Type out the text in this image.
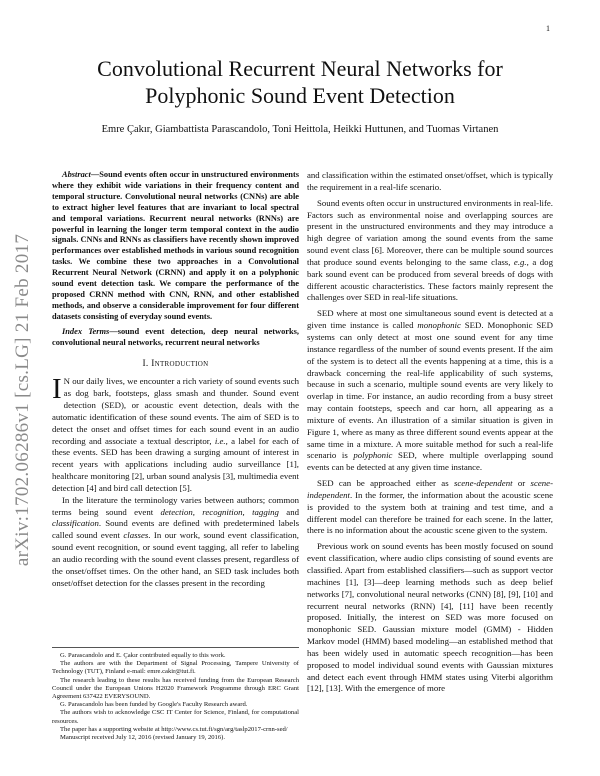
1
arXiv:1702.06286v1 [cs.LG] 21 Feb 2017
Convolutional Recurrent Neural Networks for
Polyphonic Sound Event Detection
Emre Çakır, Giambattista Parascandolo, Toni Heittola, Heikki Huttunen, and Tuomas Virtanen

Abstract—Sound events often occur in unstructured environments where they exhibit wide variations in their frequency content and temporal structure. Convolutional neural networks (CNNs) are able to extract higher level features that are invariant to local spectral and temporal variations. Recurrent neural networks (RNNs) are powerful in learning the longer term temporal context in the audio signals. CNNs and RNNs as classifiers have recently shown improved performances over established methods in various sound recognition tasks. We combine these two approaches in a Convolutional Recurrent Neural Network (CRNN) and apply it on a polyphonic sound event detection task. We compare the performance of the proposed CRNN method with CNN, RNN, and other established methods, and observe a considerable improvement for four different datasets consisting of everyday sound events.

Index Terms—sound event detection, deep neural networks, convolutional neural networks, recurrent neural networks

I. Introduction

I N our daily lives, we encounter a rich variety of sound events such as dog bark, footsteps, glass smash and thunder. Sound event detection (SED), or acoustic event detection, deals with the automatic identification of these sound events. The aim of SED is to detect the onset and offset times for each sound event in an audio recording and associate a textual descriptor, i.e., a label for each of these events. SED has been drawing a surging amount of interest in recent years with applications including audio surveillance [1], healthcare monitoring [2], urban sound analysis [3], multimedia event detection [4] and bird call detection [5].

In the literature the terminology varies between authors; common terms being sound event detection, recognition, tagging and classification. Sound events are defined with predetermined labels called sound event classes. In our work, sound event classification, sound event recognition, or sound event tagging, all refer to labeling an audio recording with the sound event classes present, regardless of the onset/offset times. On the other hand, an SED task includes both onset/offset detection for the classes present in the recording

G. Parascandolo and E. Çakır contributed equally to this work.

The authors are with the Department of Signal Processing, Tampere University of Technology (TUT), Finland e-mail: emre.cakir@tut.fi.

The research leading to these results has received funding from the European Research Council under the European Unions H2020 Framework Programme through ERC Grant Agreement 637422 EVERYSOUND.

G. Parascandolo has been funded by Google's Faculty Research award.

The authors wish to acknowledge CSC IT Center for Science, Finland, for computational resources.

The paper has a supporting website at http://www.cs.tut.fi/sgn/arg/taslp2017-crnn-sed/

Manuscript received July 12, 2016 (revised January 19, 2016).

and classification within the estimated onset/offset, which is typically the requirement in a real-life scenario.

Sound events often occur in unstructured environments in real-life. Factors such as environmental noise and overlapping sources are present in the unstructured environments and they may introduce a high degree of variation among the sound events from the same sound event class [6]. Moreover, there can be multiple sound sources that produce sound events belonging to the same class, e.g., a dog bark sound event can be produced from several breeds of dogs with different acoustic characteristics. These factors mainly represent the challenges over SED in real-life situations.

SED where at most one simultaneous sound event is detected at a given time instance is called monophonic SED. Monophonic SED systems can only detect at most one sound event for any time instance regardless of the number of sound events present. If the aim of the system is to detect all the events happening at a time, this is a drawback concerning the real-life applicability of such systems, because in such a scenario, multiple sound events are very likely to overlap in time. For instance, an audio recording from a busy street may contain footsteps, speech and car horn, all appearing as a mixture of events. An illustration of a similar situation is given in Figure 1, where as many as three different sound events appear at the same time in a mixture. A more suitable method for such a real-life scenario is polyphonic SED, where multiple overlapping sound events can be detected at any given time instance.

SED can be approached either as scene-dependent or scene-independent. In the former, the information about the acoustic scene is provided to the system both at training and test time, and a different model can therefore be trained for each scene. In the latter, there is no information about the acoustic scene given to the system.

Previous work on sound events has been mostly focused on sound event classification, where audio clips consisting of sound events are classified. Apart from established classifiers—such as support vector machines [1], [3]—deep learning methods such as deep belief networks [7], convolutional neural networks (CNN) [8], [9], [10] and recurrent neural networks (RNN) [4], [11] have been recently proposed. Initially, the interest on SED was more focused on monophonic SED. Gaussian mixture model (GMM) - Hidden Markov model (HMM) based modeling—an established method that has been widely used in automatic speech recognition—has been proposed to model individual sound events with Gaussian mixtures and detect each event through HMM states using Viterbi algorithm [12], [13]. With the emergence of more
